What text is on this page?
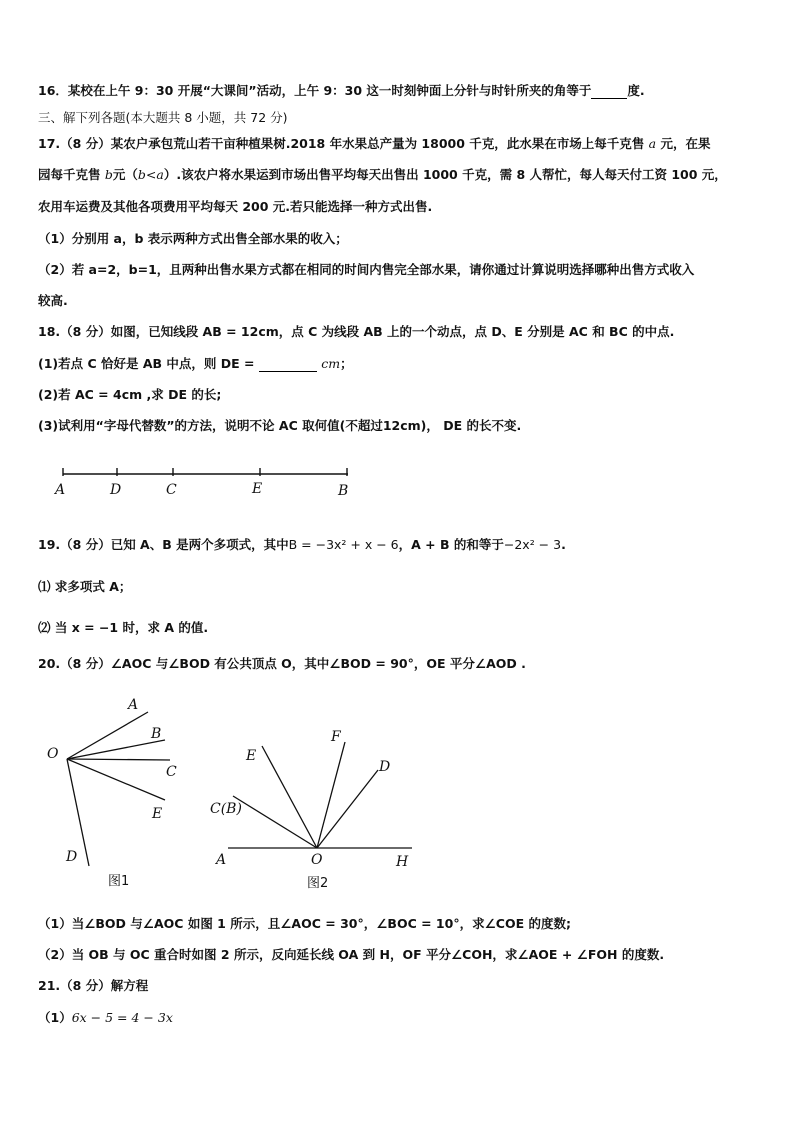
16．某校在上午 9：30 开展“大课间”活动，上午 9：30 这一时刻钟面上分针与时针所夹的角等于	度.
三、解下列各题(本大题共 8 小题，共 72 分)
17.（8 分）某农户承包荒山若干亩种植果树.2018 年水果总产量为 18000 千克，此水果在市场上每千克售 a 元，在果
园每千克售 b元（b<a）.该农户将水果运到市场出售平均每天出售出 1000 千克，需 8 人帮忙，每人每天付工资 100 元，
农用车运费及其他各项费用平均每天 200 元.若只能选择一种方式出售.
（1）分别用 a，b 表示两种方式出售全部水果的收入；
（2）若 a=2，b=1，且两种出售水果方式都在相同的时间内售完全部水果，请你通过计算说明选择哪种出售方式收入
较高.
18.（8 分）如图，已知线段 AB = 12cm，点 C 为线段 AB 上的一个动点，点 D、E 分别是 AC 和 BC 的中点.
(1)若点 C 恰好是 AB 中点，则 DE =	cm；
(2)若 AC = 4cm ,求 DE 的长;
(3)试利用“字母代替数”的方法，说明不论 AC 取何值(不超过12cm)， DE 的长不变.
A	D	C	E	B
19.（8 分）已知 A、B 是两个多项式，其中B = −3x² + x − 6，A + B 的和等于−2x² − 3.
⑴ 求多项式 A；
⑵ 当 x = −1 时，求 A 的值.
20.（8 分）∠AOC 与∠BOD 有公共顶点 O，其中∠BOD = 90°，OE 平分∠AOD .
A
B
C
E
D
O
图1
E
F
D
C(B)
A	O	H
图2
（1）当∠BOD 与∠AOC 如图 1 所示，且∠AOC = 30°，∠BOC = 10°，求∠COE 的度数;
（2）当 OB 与 OC 重合时如图 2 所示，反向延长线 OA 到 H，OF 平分∠COH，求∠AOE + ∠FOH 的度数.
21.（8 分）解方程
（1）6x − 5 = 4 − 3x
